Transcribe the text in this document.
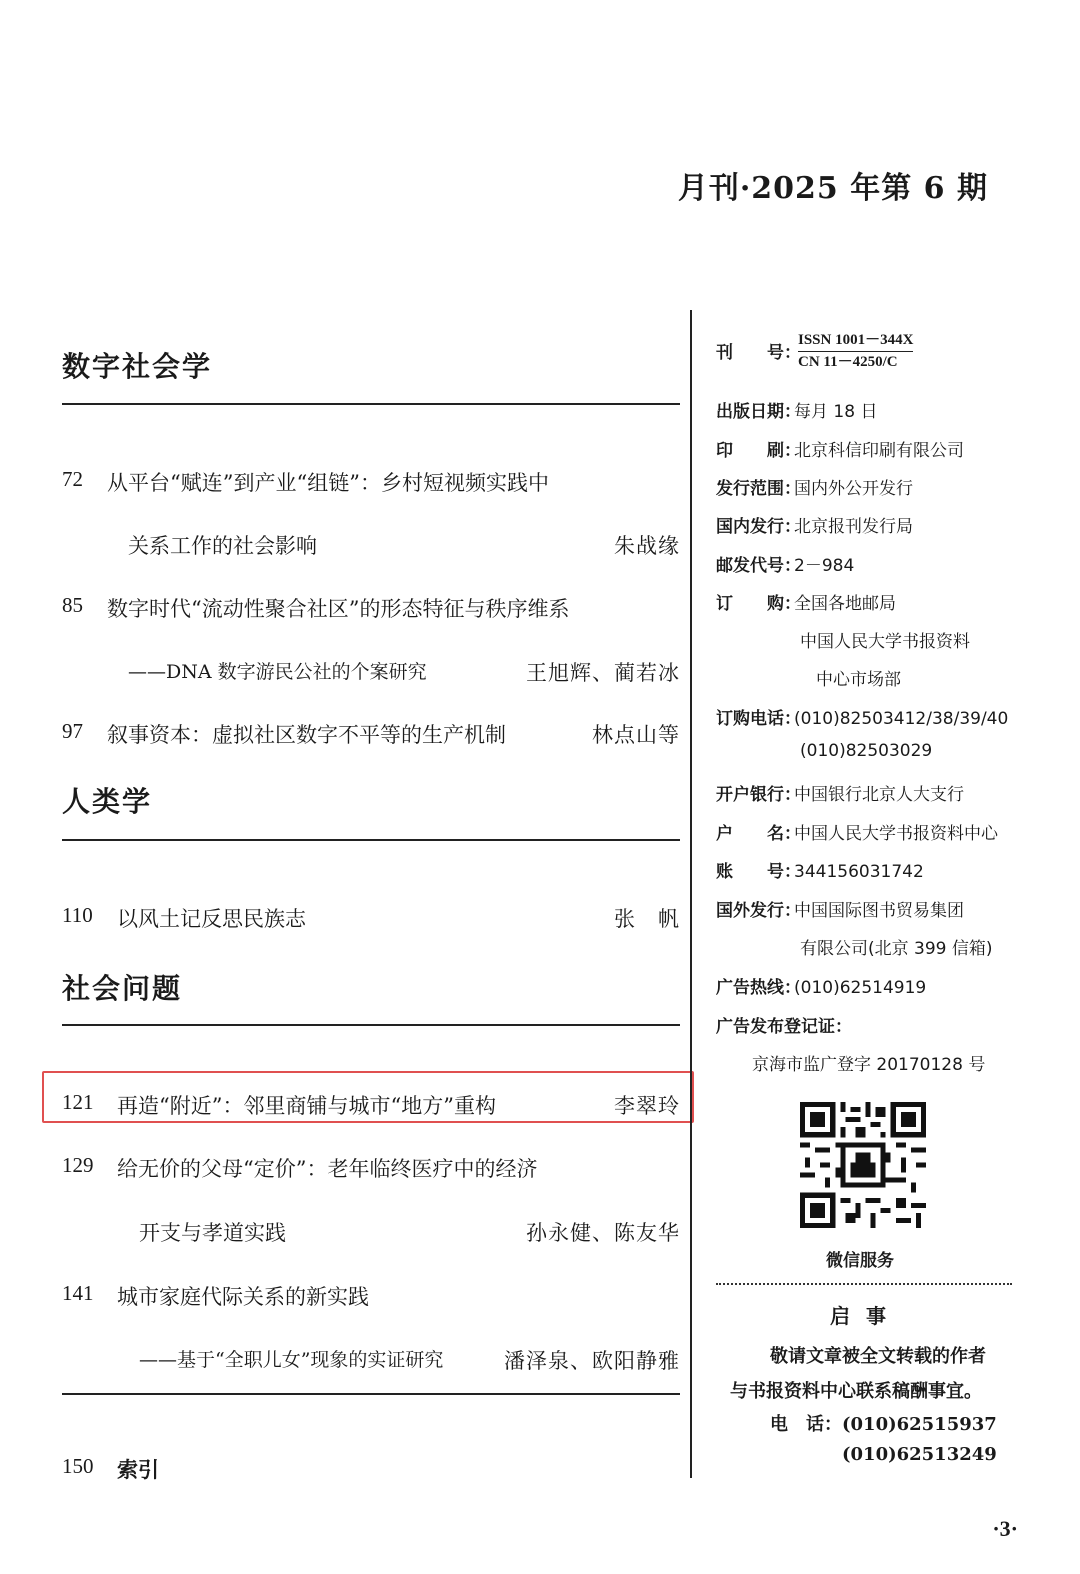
月刊·2025 年第 6 期
数字社会学
72 从平台“赋连”到产业“组链”：乡村短视频实践中
关系工作的社会影响	朱战缘
85 数字时代“流动性聚合社区”的形态特征与秩序维系
——DNA 数字游民公社的个案研究	王旭辉、蔺若冰
97 叙事资本：虚拟社区数字不平等的生产机制	林点山等
人类学
110 以风土记反思民族志	张　帆
社会问题
121 再造“附近”：邻里商铺与城市“地方”重构	李翠玲
129 给无价的父母“定价”：老年临终医疗中的经济
开支与孝道实践	孙永健、陈友华
141 城市家庭代际关系的新实践
——基于“全职儿女”现象的实证研究	潘泽泉、欧阳静雅
150 索引
刊　　号：
ISSN 1001－344X
CN 11－4250/C
出版日期：每月 18 日
印　　刷：北京科信印刷有限公司
发行范围：国内外公开发行
国内发行：北京报刊发行局
邮发代号：2－984
订　　购：全国各地邮局
中国人民大学书报资料
中心市场部
订购电话：(010)82503412/38/39/40
(010)82503029
开户银行：中国银行北京人大支行
户　　名：中国人民大学书报资料中心
账　　号：344156031742
国外发行：中国国际图书贸易集团
有限公司(北京 399 信箱)
广告热线：(010)62514919
广告发布登记证：
京海市监广登字 20170128 号
微信服务
启事
敬请文章被全文转载的作者
与书报资料中心联系稿酬事宜。
电　话：(010)62515937
(010)62513249
·3·
